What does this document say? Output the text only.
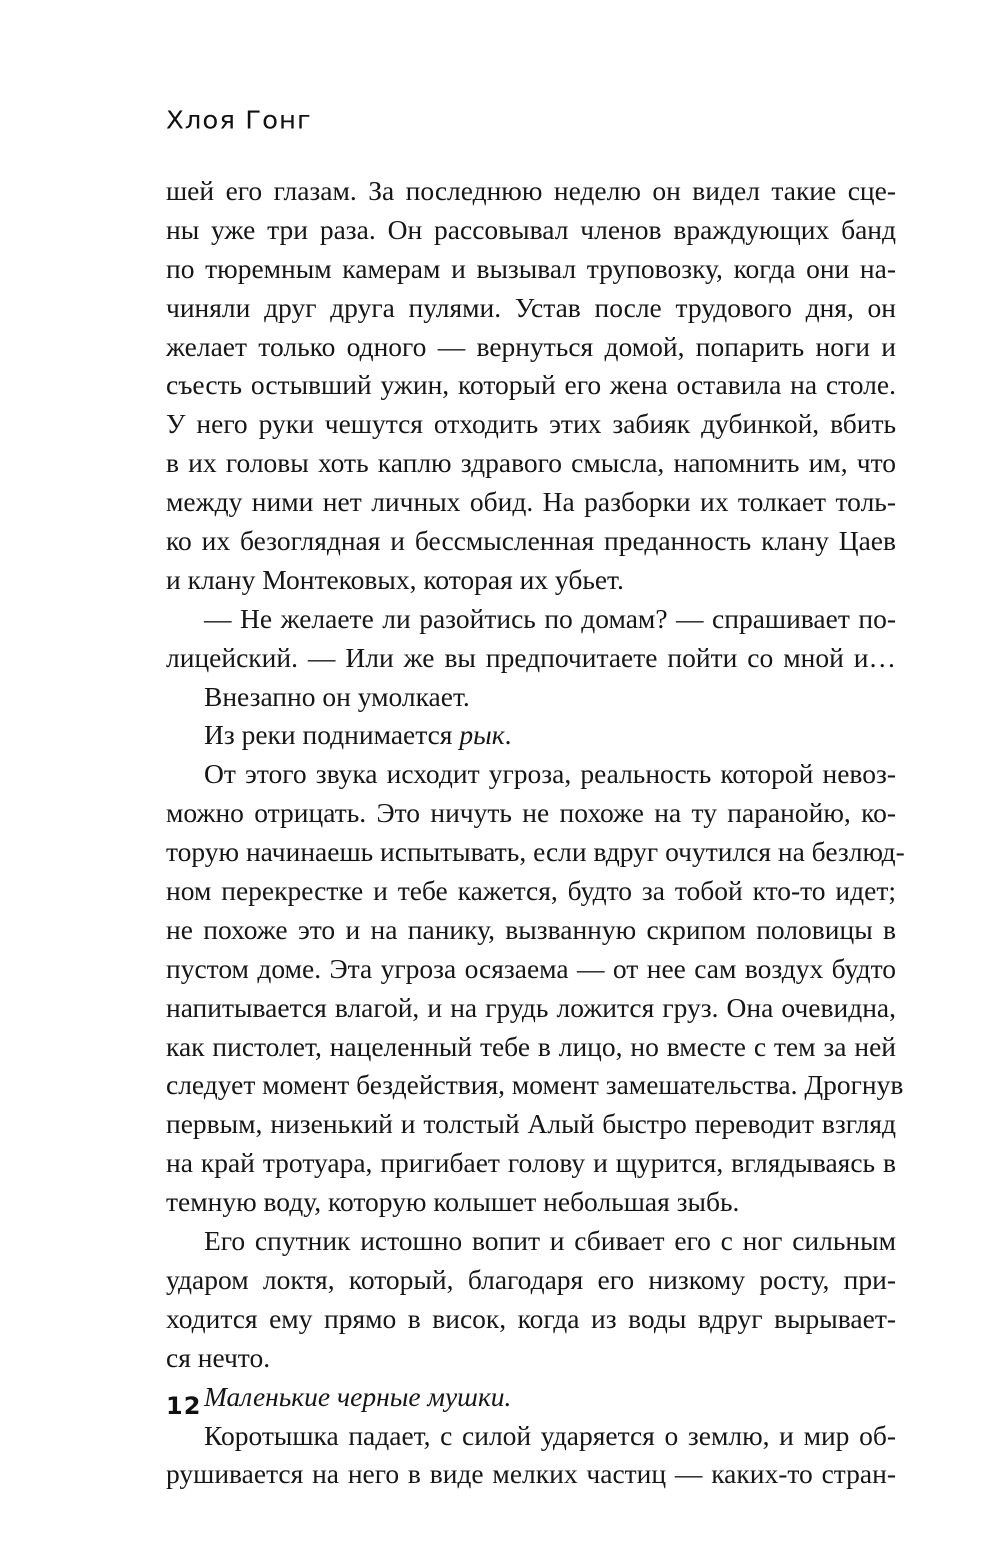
Хлоя Гонг
шей его глазам. За последнюю неделю он видел такие сце-
ны уже три раза. Он рассовывал членов враждующих банд
по тюремным камерам и вызывал труповозку, когда они на-
чиняли друг друга пулями. Устав после трудового дня, он
желает только одного — вернуться домой, попарить ноги и
съесть остывший ужин, который его жена оставила на столе.
У него руки чешутся отходить этих забияк дубинкой, вбить
в их головы хоть каплю здравого смысла, напомнить им, что
между ними нет личных обид. На разборки их толкает толь-
ко их безоглядная и бессмысленная преданность клану Цаев
и клану Монтековых, которая их убьет.
— Не желаете ли разойтись по домам? — спрашивает по-
лицейский. — Или же вы предпочитаете пойти со мной и…
Внезапно он умолкает.
Из реки поднимается рык.
От этого звука исходит угроза, реальность которой невоз-
можно отрицать. Это ничуть не похоже на ту паранойю, ко-
торую начинаешь испытывать, если вдруг очутился на безлюд-
ном перекрестке и тебе кажется, будто за тобой кто-то идет;
не похоже это и на панику, вызванную скрипом половицы в
пустом доме. Эта угроза осязаема — от нее сам воздух будто
напитывается влагой, и на грудь ложится груз. Она очевидна,
как пистолет, нацеленный тебе в лицо, но вместе с тем за ней
следует момент бездействия, момент замешательства. Дрогнув
первым, низенький и толстый Алый быстро переводит взгляд
на край тротуара, пригибает голову и щурится, вглядываясь в
темную воду, которую колышет небольшая зыбь.
Его спутник истошно вопит и сбивает его с ног сильным
ударом локтя, который, благодаря его низкому росту, при-
ходится ему прямо в висок, когда из воды вдруг вырывает-
ся нечто.
Маленькие черные мушки.
Коротышка падает, с силой ударяется о землю, и мир об-
рушивается на него в виде мелких частиц — каких-то стран-
12
